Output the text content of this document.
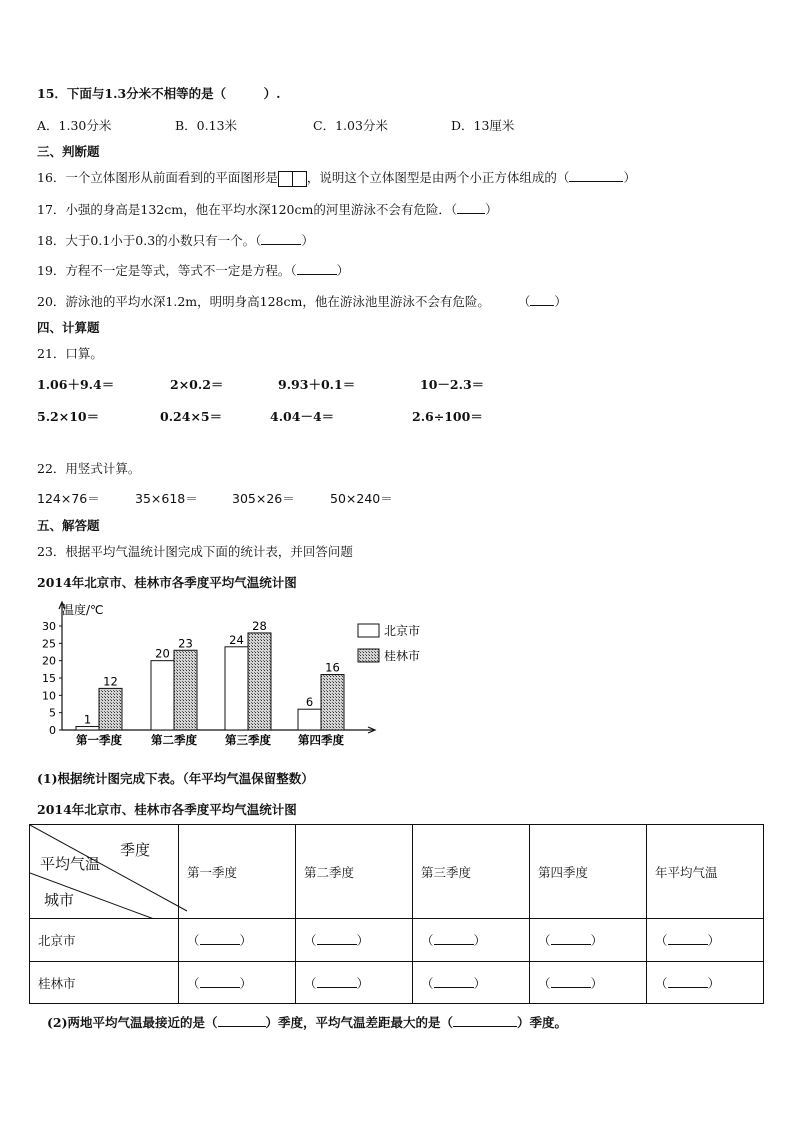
15．下面与1.3分米不相等的是（　　　）.
A．1.30分米	B．0.13米	C．1.03分米	D．13厘米
三、判断题
16．一个立体图形从前面看到的平面图形是 ，说明这个立体图型是由两个小正方体组成的（	）
17．小强的身高是132cm，他在平均水深120cm的河里游泳不会有危险．（ ）
18．大于0.1小于0.3的小数只有一个。（	）
19．方程不一定是等式，等式不一定是方程。（	）
20．游泳池的平均水深1.2m，明明身高128cm，他在游泳池里游泳不会有危险。 （ ）
四、计算题
21．口算。
1.06＋9.4＝	2×0.2＝	9.93＋0.1＝	10－2.3＝
5.2×10＝	0.24×5＝	4.04－4＝	2.6÷100＝
22．用竖式计算。
124×76＝	35×618＝	305×26＝	50×240＝
五、解答题
23．根据平均气温统计图完成下面的统计表，并回答问题
2014年北京市、桂林市各季度平均气温统计图
温度/℃
0
5
10
15
20
25
30
1
12
第一季度
20
23
第二季度
24
28
第三季度
6
16
第四季度
北京市
桂林市
(1)根据统计图完成下表。（年平均气温保留整数）
2014年北京市、桂林市各季度平均气温统计图
季度
平均气温
城市	第一季度	第二季度	第三季度	第四季度	年平均气温
北京市	（ ）	（ ）	（ ）	（ ）	（ ）
桂林市	（ ）	（ ）	（ ）	（ ）	（ ）
(2)两地平均气温最接近的是（	）季度，平均气温差距最大的是（	）季度。
